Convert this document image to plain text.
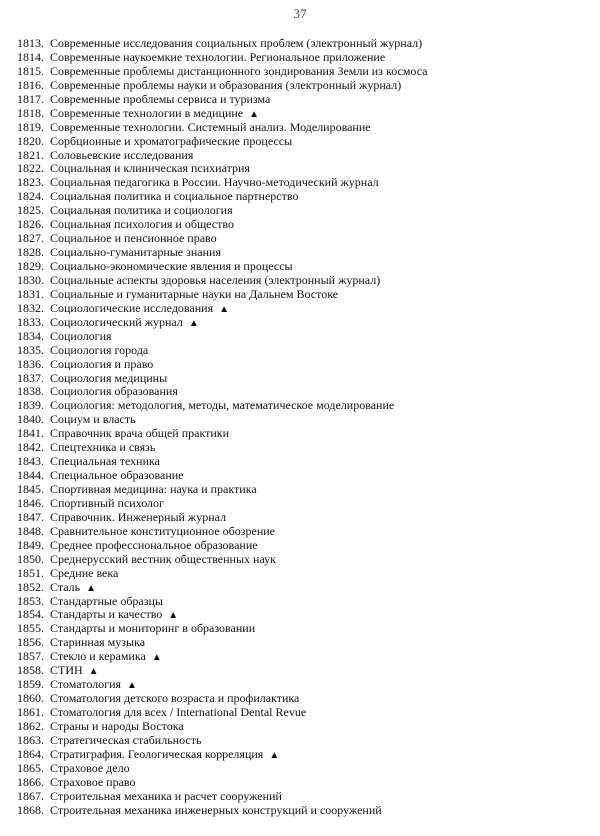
37
1813. Современные исследования социальных проблем (электронный журнал)
1814. Современные наукоемкие технологии. Региональное приложение
1815. Современные проблемы дистанционного зондирования Земли из космоса
1816. Современные проблемы науки и образования (электронный журнал)
1817. Современные проблемы сервиса и туризма
1818. Современные технологии в медицине ▲
1819. Современные технологии. Системный анализ. Моделирование
1820. Сорбционные и хроматографические процессы
1821. Соловьевские исследования
1822. Социальная и клиническая психиатрия
1823. Социальная педагогика в России. Научно-методический журнал
1824. Социальная политика и социальное партнерство
1825. Социальная политика и социология
1826. Социальная психология и общество
1827. Социальное и пенсионное право
1828. Социально-гуманитарные знания
1829. Социально-экономические явления и процессы
1830. Социальные аспекты здоровья населения (электронный журнал)
1831. Социальные и гуманитарные науки на Дальнем Востоке
1832. Социологические исследования ▲
1833. Социологический журнал ▲
1834. Социология
1835. Социология города
1836. Социология и право
1837. Социология медицины
1838. Социология образования
1839. Социология: методология, методы, математическое моделирование
1840. Социум и власть
1841. Справочник врача общей практики
1842. Спецтехника и связь
1843. Специальная техника
1844. Специальное образование
1845. Спортивная медицина: наука и практика
1846. Спортивный психолог
1847. Справочник. Инженерный журнал
1848. Сравнительное конституционное обозрение
1849. Среднее профессиональное образование
1850. Среднерусский вестник общественных наук
1851. Средние века
1852. Сталь ▲
1853. Стандартные образцы
1854. Стандарты и качество ▲
1855. Стандарты и мониторинг в образовании
1856. Старинная музыка
1857. Стекло и керамика ▲
1858. СТИН ▲
1859. Стоматология ▲
1860. Стоматология детского возраста и профилактика
1861. Стоматология для всех / International Dental Revue
1862. Страны и народы Востока
1863. Стратегическая стабильность
1864. Стратиграфия. Геологическая корреляция ▲
1865. Страховое дело
1866. Страховое право
1867. Строительная механика и расчет сооружений
1868. Строительная механика инженерных конструкций и сооружений
